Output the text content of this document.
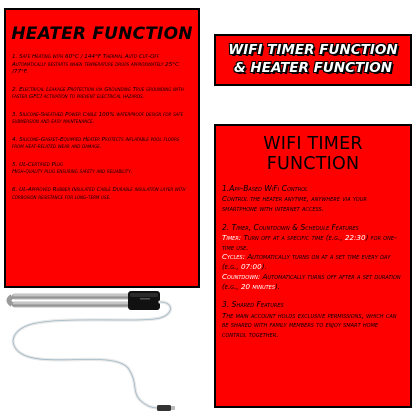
HEATER FUNCTION
1. Safe Heating with 60°C / 144°F Thermal Auto Cut-Off Automatically restarts when temperature drops approximately 25°C /77°F.
2. Electrical Leakage Protection via Grounding True grounding with faster GFCI activation to prevent electrical hazards.
3. Silicone-Sheathed Power Cable 100% waterproof design for safe submersion and easy maintenance.
4. Silicone-Gasket-Equipped Heater Protects inflatable pool floors from heat-related wear and damage.
5. UL-Certified Plug
High-quality plug ensuring safety and reliability.
6. UL-Approved Rubber Insulated Cable Durable insulation layer with corrosion resistance for long-term use.
WIFI TIMER FUNCTION & HEATER FUNCTION
WIFI TIMER FUNCTION
1.App-Based WiFi Control
Control the heater anytime, anywhere via your smartphone with internet access.
2. Timer, Countdown & Schedule Features
Timer: Turn off at a specific time (e.g., 22:30) for one-time use.
Cycles: Automatically turns on at a set time every day (e.g., 07:00).
Countdown: Automatically turns off after a set duration (e.g., 20 minutes).
3. Shared Features
The main account holds exclusive permissions, which can be shared with family members to enjoy smart home control together.
